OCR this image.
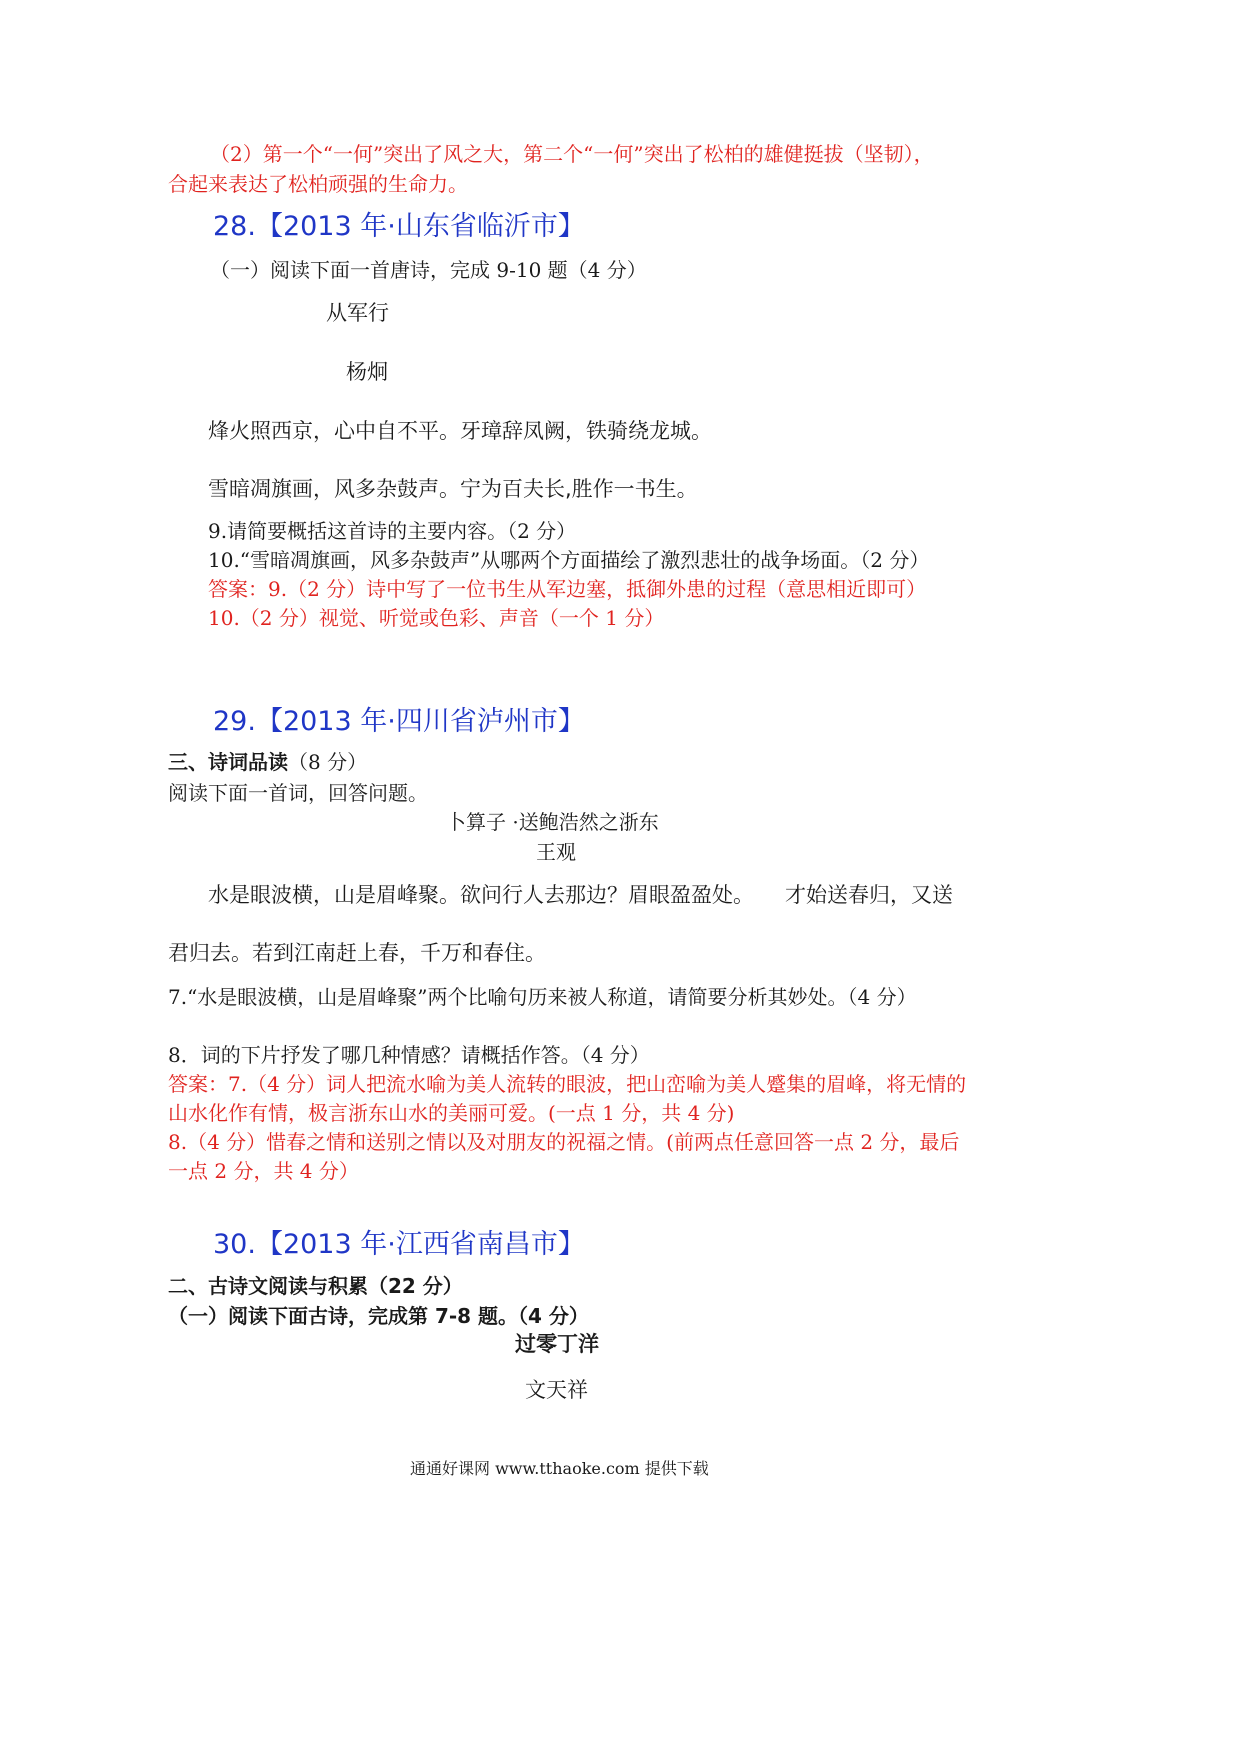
（2）第一个“一何”突出了风之大，第二个“一何”突出了松柏的雄健挺拔（坚韧），
合起来表达了松柏顽强的生命力。
28.【2013 年·山东省临沂市】
（一）阅读下面一首唐诗，完成 9-10 题（4 分）
从军行
杨炯
烽火照西京，心中自不平。牙璋辞凤阙，铁骑绕龙城。
雪暗凋旗画，风多杂鼓声。宁为百夫长,胜作一书生。
9.请简要概括这首诗的主要内容。（2 分）
10.“雪暗凋旗画，风多杂鼓声”从哪两个方面描绘了激烈悲壮的战争场面。（2 分）
答案：9.（2 分）诗中写了一位书生从军边塞，抵御外患的过程（意思相近即可）
10.（2 分）视觉、听觉或色彩、声音（一个 1 分）
29.【2013 年·四川省泸州市】
三、诗词品读（8 分）
阅读下面一首词，回答问题。
卜算子 ·送鲍浩然之浙东
王观
水是眼波横，山是眉峰聚。欲问行人去那边？眉眼盈盈处。 才始送春归，又送
君归去。若到江南赶上春，千万和春住。
7.“水是眼波横，山是眉峰聚”两个比喻句历来被人称道，请简要分析其妙处。（4 分）
8．词的下片抒发了哪几种情感？请概括作答。（4 分）
答案：7.（4 分）词人把流水喻为美人流转的眼波，把山峦喻为美人蹙集的眉峰，将无情的
山水化作有情，极言浙东山水的美丽可爱。(一点 1 分，共 4 分)
8.（4 分）惜春之情和送别之情以及对朋友的祝福之情。(前两点任意回答一点 2 分，最后
一点 2 分，共 4 分）
30.【2013 年·江西省南昌市】
二、古诗文阅读与积累（22 分）
（一）阅读下面古诗，完成第 7-8 题。（4 分）
过零丁洋
文天祥
通通好课网 www.tthaoke.com 提供下载
